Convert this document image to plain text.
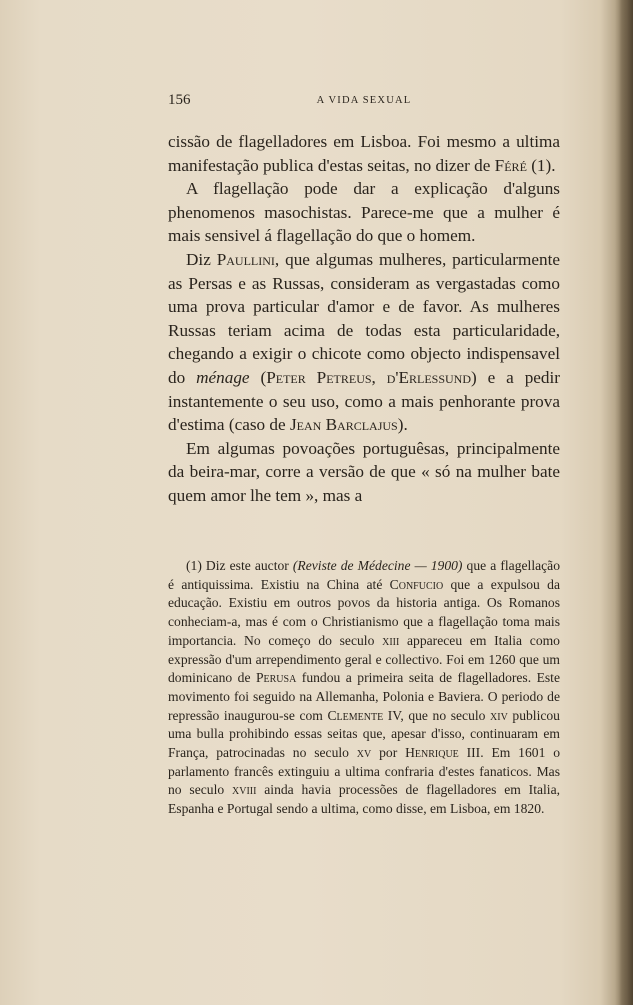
156	A VIDA SEXUAL

cissão de flagelladores em Lisboa. Foi mesmo a ultima manifestação publica d'estas seitas, no dizer de Féré (1).

A flagellação pode dar a explicação d'alguns phenomenos masochistas. Parece-me que a mulher é mais sensivel á flagellação do que o homem.

Diz Paullini, que algumas mulheres, particularmente as Persas e as Russas, consideram as vergastadas como uma prova particular d'amor e de favor. As mulheres Russas teriam acima de todas esta particularidade, chegando a exigir o chicote como objecto indispensavel do ménage (Peter Petreus, d'Erlessund) e a pedir instantemente o seu uso, como a mais penhorante prova d'estima (caso de Jean Barclajus).

Em algumas povoações portuguêsas, principalmente da beira-mar, corre a versão de que « só na mulher bate quem amor lhe tem », mas a

(1) Diz este auctor (Reviste de Médecine — 1900) que a flagellação é antiquissima. Existiu na China até Confucio que a expulsou da educação. Existiu em outros povos da historia antiga. Os Romanos conheciam-a, mas é com o Christianismo que a flagellação toma mais importancia. No começo do seculo xiii appareceu em Italia como expressão d'um arrependimento geral e collectivo. Foi em 1260 que um dominicano de Perusa fundou a primeira seita de flagelladores. Este movimento foi seguido na Allemanha, Polonia e Baviera. O periodo de repressão inaugurou-se com Clemente IV, que no seculo xiv publicou uma bulla prohibindo essas seitas que, apesar d'isso, continuaram em França, patrocinadas no seculo xv por Henrique III. Em 1601 o parlamento francês extinguiu a ultima confraria d'estes fanaticos. Mas no seculo xviii ainda havia processões de flagelladores em Italia, Espanha e Portugal sendo a ultima, como disse, em Lisboa, em 1820.
